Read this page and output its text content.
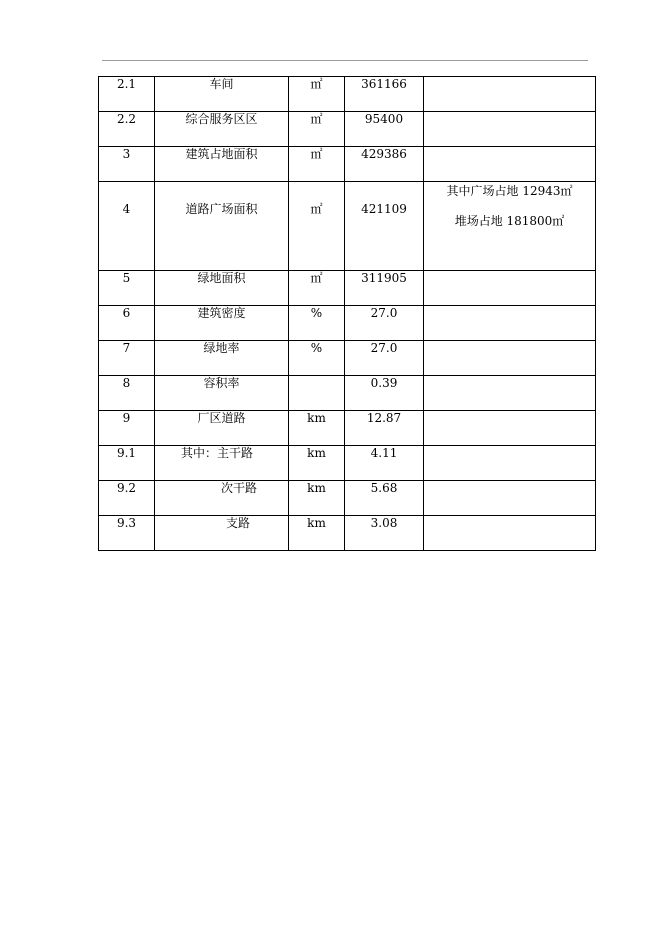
2.1	车间	㎡	361166	
2.2	综合服务区区	㎡	95400	
3	建筑占地面积	㎡	429386	
4	道路广场面积	㎡	421109	其中广场占地 12943㎡
堆场占地 181800㎡

5	绿地面积	㎡	311905	
6	建筑密度	%	27.0	
7	绿地率	%	27.0	
8	容积率		0.39	
9	厂区道路	km	12.87	
9.1	其中：主干路	km	4.11	
9.2	次干路	km	5.68	
9.3	支路	km	3.08	
